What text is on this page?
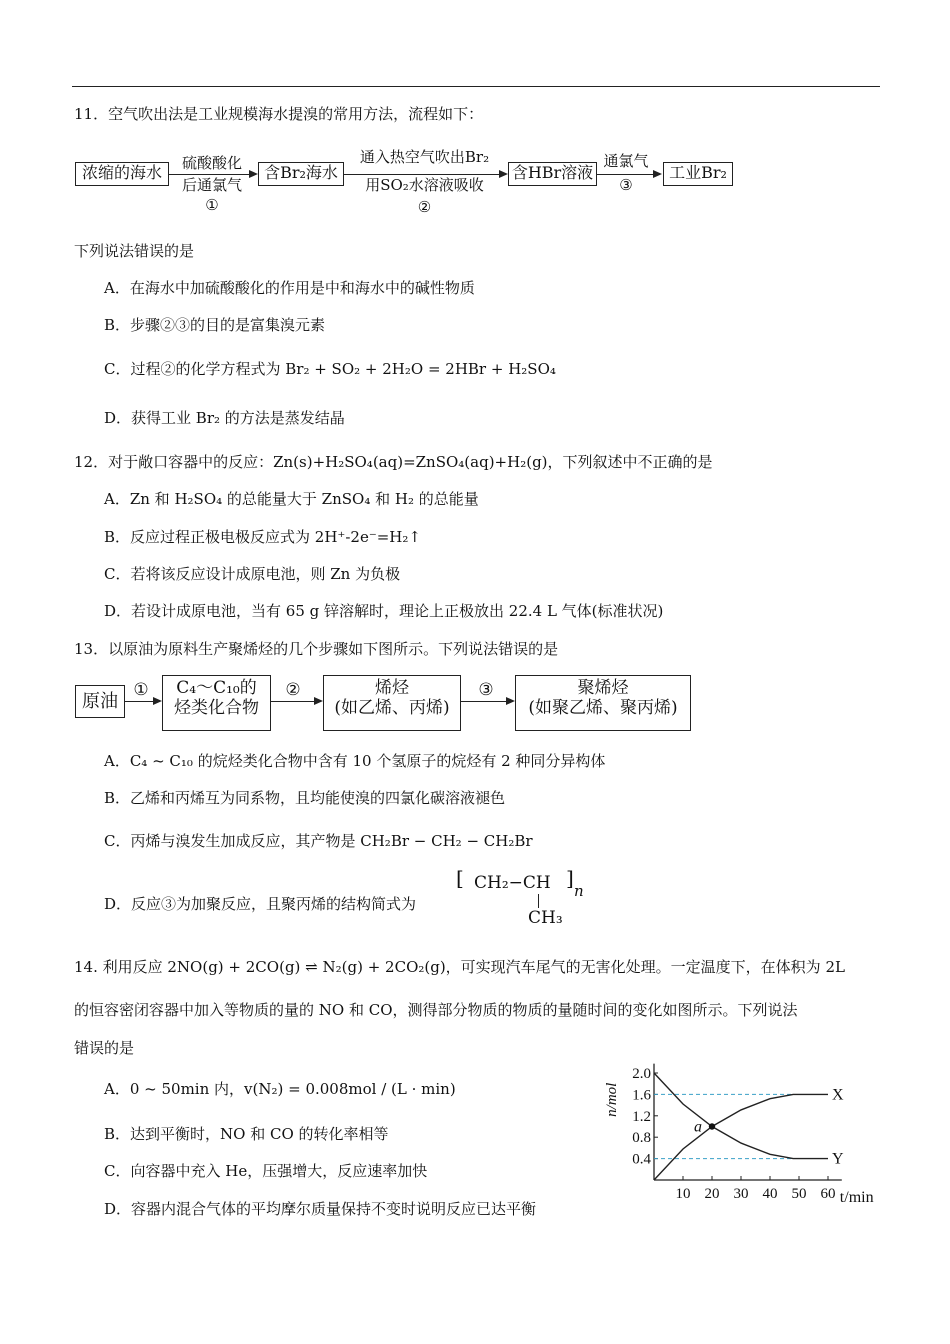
11．空气吹出法是工业规模海水提溴的常用方法，流程如下：
浓缩的海水	硫酸酸化
后通氯气
①
含Br₂海水
通入热空气吹出Br₂
用SO₂水溶液吸收
②
含HBr溶液
通氯气
③
工业Br₂
下列说法错误的是
A．在海水中加硫酸酸化的作用是中和海水中的碱性物质
B．步骤②③的目的是富集溴元素
C．过程②的化学方程式为 Br₂ + SO₂ + 2H₂O = 2HBr + H₂SO₄
D．获得工业 Br₂ 的方法是蒸发结晶
12．对于敞口容器中的反应：Zn(s)+H₂SO₄(aq)=ZnSO₄(aq)+H₂(g)，下列叙述中不正确的是
A．Zn 和 H₂SO₄ 的总能量大于 ZnSO₄ 和 H₂ 的总能量
B．反应过程正极电极反应式为 2H⁺-2e⁻=H₂↑
C．若将该反应设计成原电池，则 Zn 为负极
D．若设计成原电池，当有 65 g 锌溶解时，理论上正极放出 22.4 L 气体(标准状况)
13．以原油为原料生产聚烯烃的几个步骤如下图所示。下列说法错误的是
原油
①	C₄～C₁₀的
烃类化合物
②	烯烃
(如乙烯、丙烯)
③	聚烯烃
(如聚乙烯、聚丙烯)
A．C₄ ~ C₁₀ 的烷烃类化合物中含有 10 个氢原子的烷烃有 2 种同分异构体
B．乙烯和丙烯互为同系物，且均能使溴的四氯化碳溶液褪色
C．丙烯与溴发生加成反应，其产物是 CH₂Br − CH₂ − CH₂Br
D．反应③为加聚反应，且聚丙烯的结构简式为
[ CH₂−CH ]
n
CH₃
14. 利用反应 2NO(g) + 2CO(g) ⇌ N₂(g) + 2CO₂(g)，可实现汽车尾气的无害化处理。一定温度下，在体积为 2L
的恒容密闭容器中加入等物质的量的 NO 和 CO，测得部分物质的物质的量随时间的变化如图所示。下列说法
错误的是
A．0 ~ 50min 内，v(N₂) = 0.008mol / (L · min)
B．达到平衡时，NO 和 CO 的转化率相等
C．向容器中充入 He，压强增大，反应速率加快
D．容器内混合气体的平均摩尔质量保持不变时说明反应已达平衡
10 20 30 40 50 60
0.4
0.8
1.2
1.6
2.0
X
Y
a
n/mol
t/min
